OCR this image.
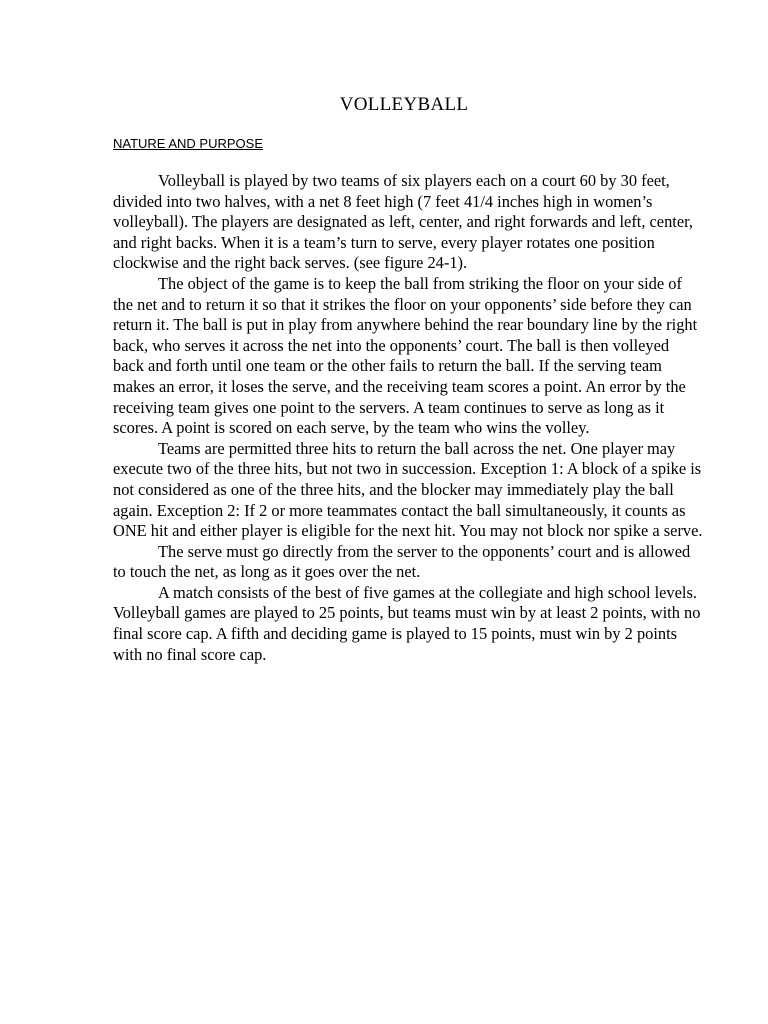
VOLLEYBALL
NATURE AND PURPOSE

Volleyball is played by two teams of six players each on a court 60 by 30 feet, divided into two halves, with a net 8 feet high (7 feet 41/4 inches high in women’s volleyball). The players are designated as left, center, and right forwards and left, center, and right backs. When it is a team’s turn to serve, every player rotates one position clockwise and the right back serves. (see figure 24-1).

The object of the game is to keep the ball from striking the floor on your side of the net and to return it so that it strikes the floor on your opponents’ side before they can return it. The ball is put in play from anywhere behind the rear boundary line by the right back, who serves it across the net into the opponents’ court. The ball is then volleyed back and forth until one team or the other fails to return the ball. If the serving team makes an error, it loses the serve, and the receiving team scores a point. An error by the receiving team gives one point to the servers. A team continues to serve as long as it scores. A point is scored on each serve, by the team who wins the volley.

Teams are permitted three hits to return the ball across the net. One player may execute two of the three hits, but not two in succession. Exception 1: A block of a spike is not considered as one of the three hits, and the blocker may immediately play the ball again. Exception 2: If 2 or more teammates contact the ball simultaneously, it counts as ONE hit and either player is eligible for the next hit. You may not block nor spike a serve.

The serve must go directly from the server to the opponents’ court and is allowed to touch the net, as long as it goes over the net.

A match consists of the best of five games at the collegiate and high school levels. Volleyball games are played to 25 points, but teams must win by at least 2 points, with no final score cap. A fifth and deciding game is played to 15 points, must win by 2 points with no final score cap.
